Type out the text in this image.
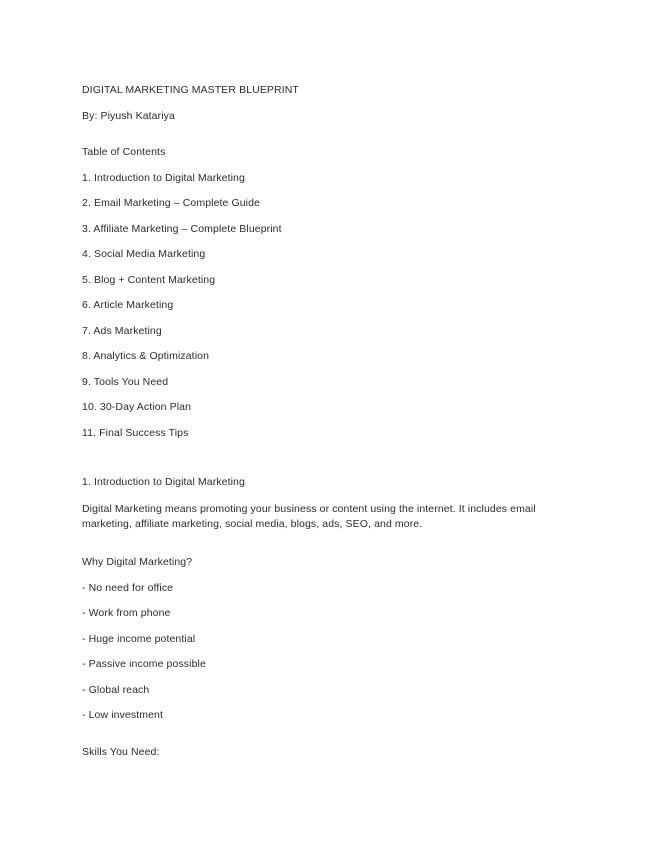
DIGITAL MARKETING MASTER BLUEPRINT
By: Piyush Katariya
Table of Contents
1. Introduction to Digital Marketing
2. Email Marketing – Complete Guide
3. Affiliate Marketing – Complete Blueprint
4. Social Media Marketing
5. Blog + Content Marketing
6. Article Marketing
7. Ads Marketing
8. Analytics & Optimization
9. Tools You Need
10. 30-Day Action Plan
11. Final Success Tips
1. Introduction to Digital Marketing

Digital Marketing means promoting your business or content using the internet. It includes email marketing, affiliate marketing, social media, blogs, ads, SEO, and more.

Why Digital Marketing?
- No need for office
- Work from phone
- Huge income potential
- Passive income possible
- Global reach
- Low investment
Skills You Need:
